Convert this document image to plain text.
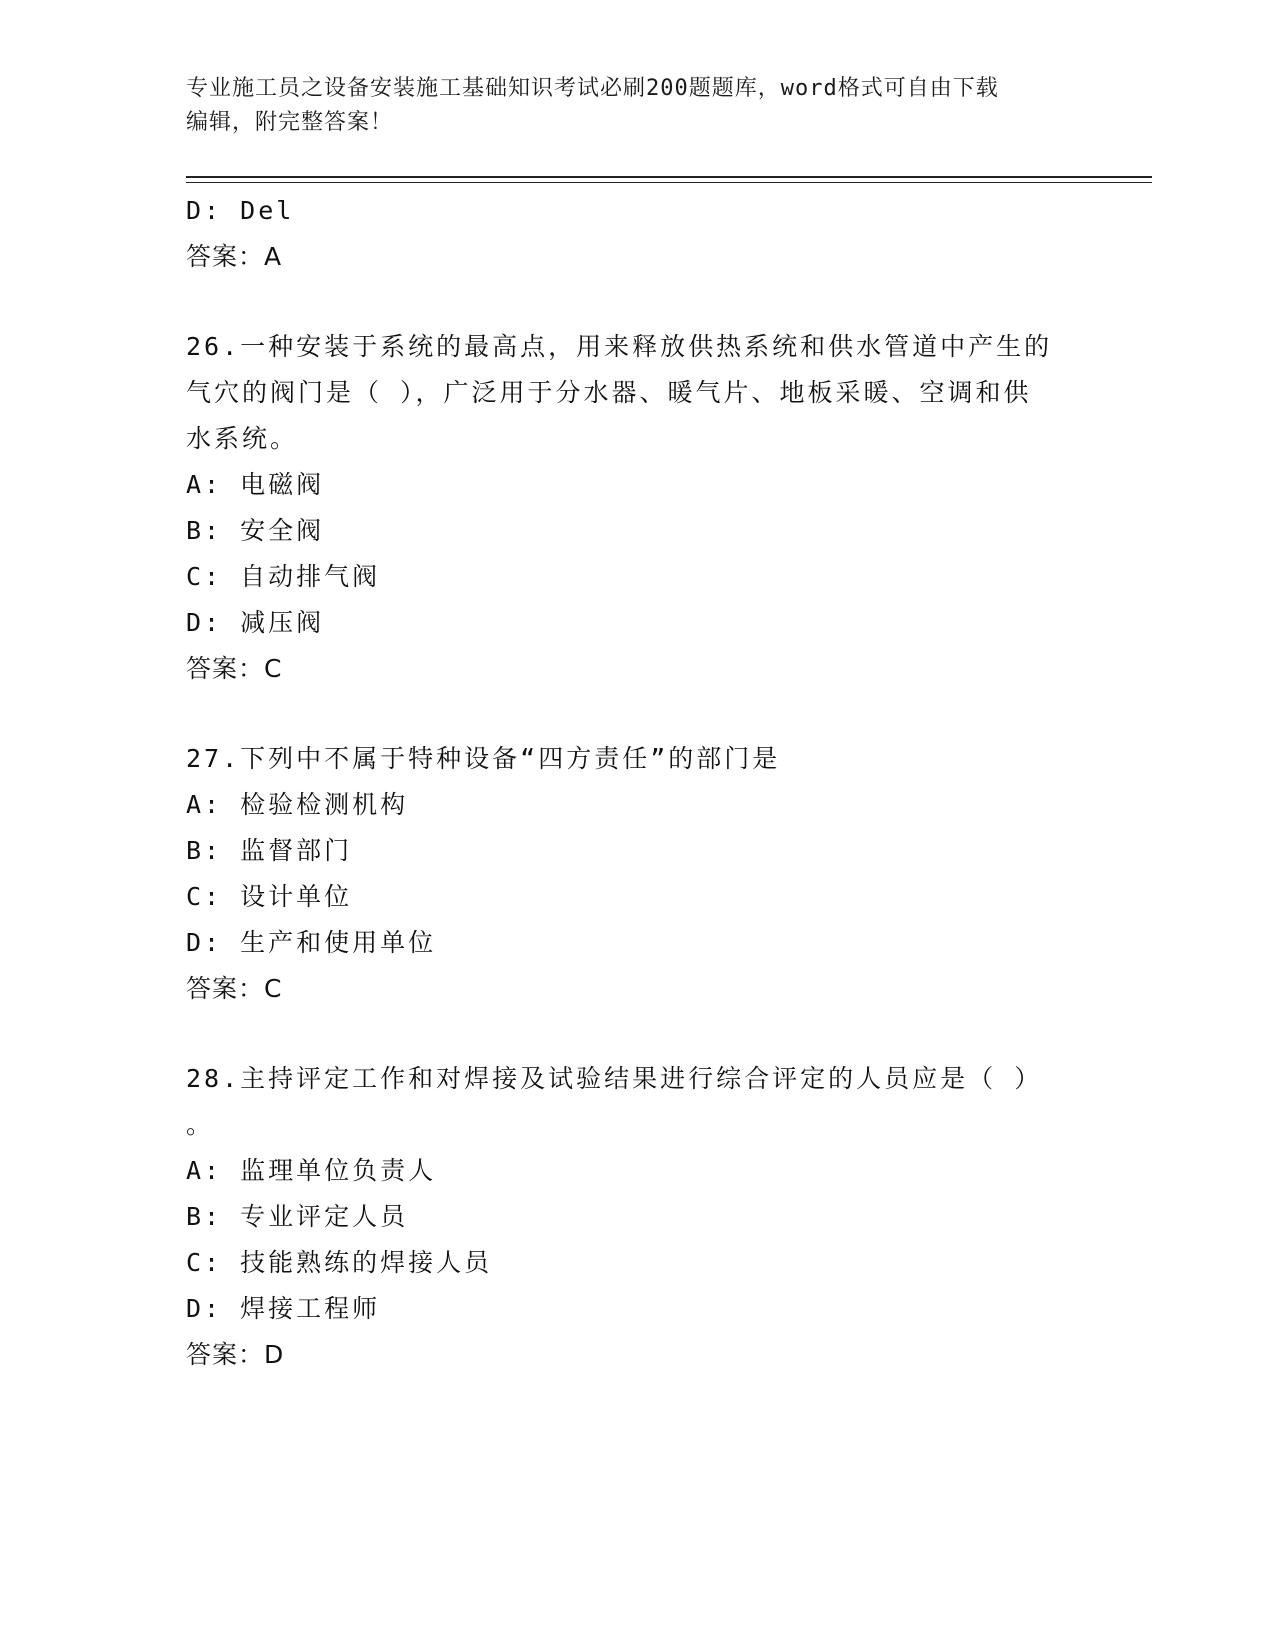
专业施工员之设备安装施工基础知识考试必刷200题题库，word格式可自由下载
编辑，附完整答案！
D: Del
答案：A
26.一种安装于系统的最高点，用来释放供热系统和供水管道中产生的
气穴的阀门是（ ），广泛用于分水器、暖气片、地板采暖、空调和供
水系统。
A: 电磁阀
B: 安全阀
C: 自动排气阀
D: 减压阀
答案：C
27.下列中不属于特种设备“四方责任”的部门是
A: 检验检测机构
B: 监督部门
C: 设计单位
D: 生产和使用单位
答案：C
28.主持评定工作和对焊接及试验结果进行综合评定的人员应是（ ）
。
A: 监理单位负责人
B: 专业评定人员
C: 技能熟练的焊接人员
D: 焊接工程师
答案：D
